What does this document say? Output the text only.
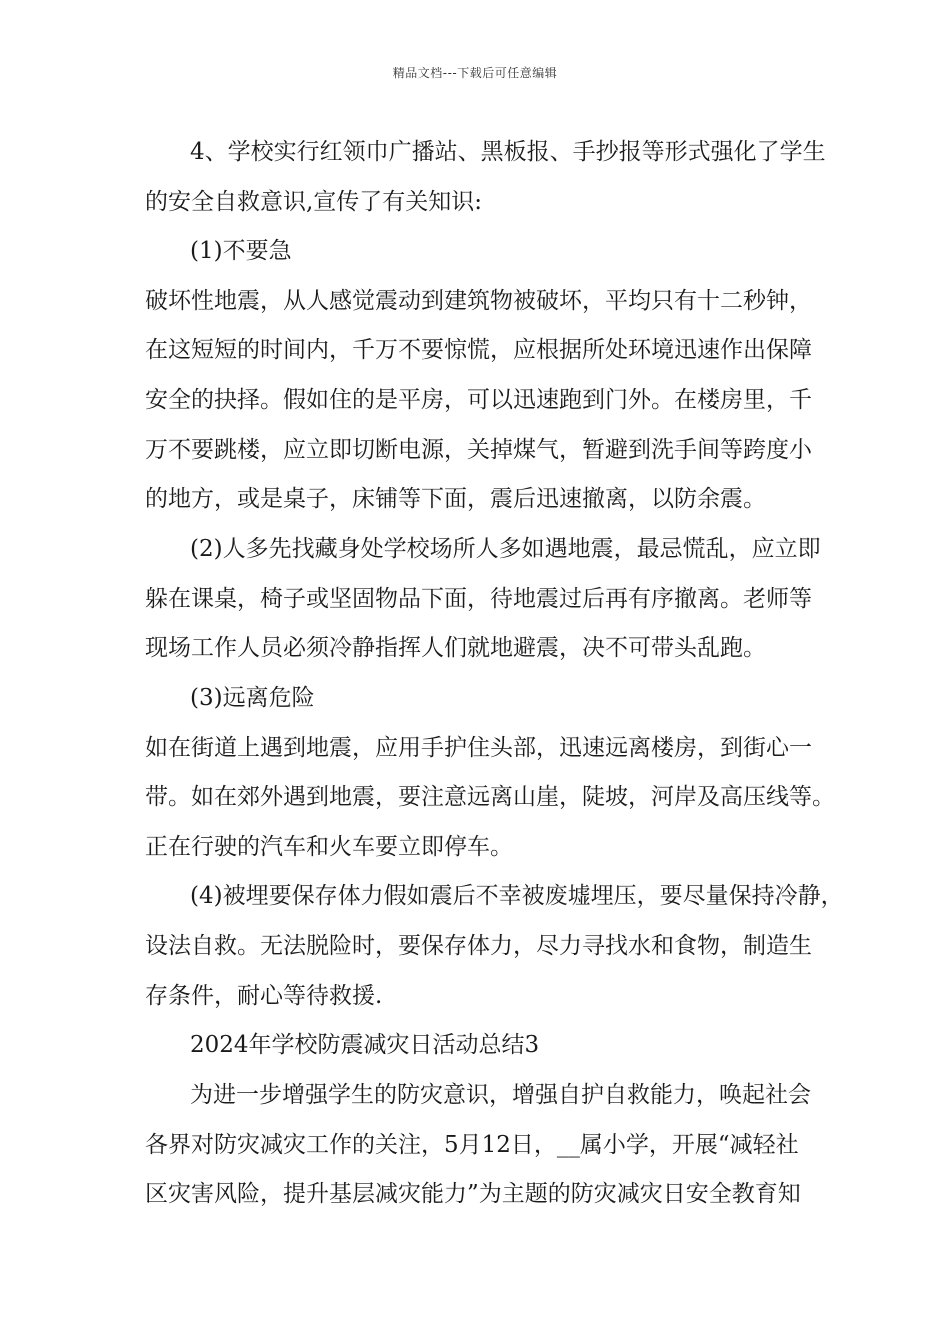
精品文档---下载后可任意编辑
4、学校实行红领巾广播站、黑板报、手抄报等形式强化了学生
的安全自救意识,宣传了有关知识:
(1)不要急
破坏性地震，从人感觉震动到建筑物被破坏，平均只有十二秒钟，
在这短短的时间内，千万不要惊慌，应根据所处环境迅速作出保障
安全的抉择。假如住的是平房，可以迅速跑到门外。在楼房里，千
万不要跳楼，应立即切断电源，关掉煤气，暂避到洗手间等跨度小
的地方，或是桌子，床铺等下面，震后迅速撤离，以防余震。
(2)人多先找藏身处学校场所人多如遇地震，最忌慌乱，应立即
躲在课桌，椅子或坚固物品下面，待地震过后再有序撤离。老师等
现场工作人员必须冷静指挥人们就地避震，决不可带头乱跑。
(3)远离危险
如在街道上遇到地震，应用手护住头部，迅速远离楼房，到街心一
带。如在郊外遇到地震，要注意远离山崖，陡坡，河岸及高压线等。
正在行驶的汽车和火车要立即停车。
(4)被埋要保存体力假如震后不幸被废墟埋压，要尽量保持冷静，
设法自救。无法脱险时，要保存体力，尽力寻找水和食物，制造生
存条件，耐心等待救援.
2024年学校防震减灾日活动总结3
为进一步增强学生的防灾意识，增强自护自救能力，唤起社会
各界对防灾减灾工作的关注，5月12日，__属小学，开展“减轻社
区灾害风险，提升基层减灾能力”为主题的防灾减灾日安全教育知
